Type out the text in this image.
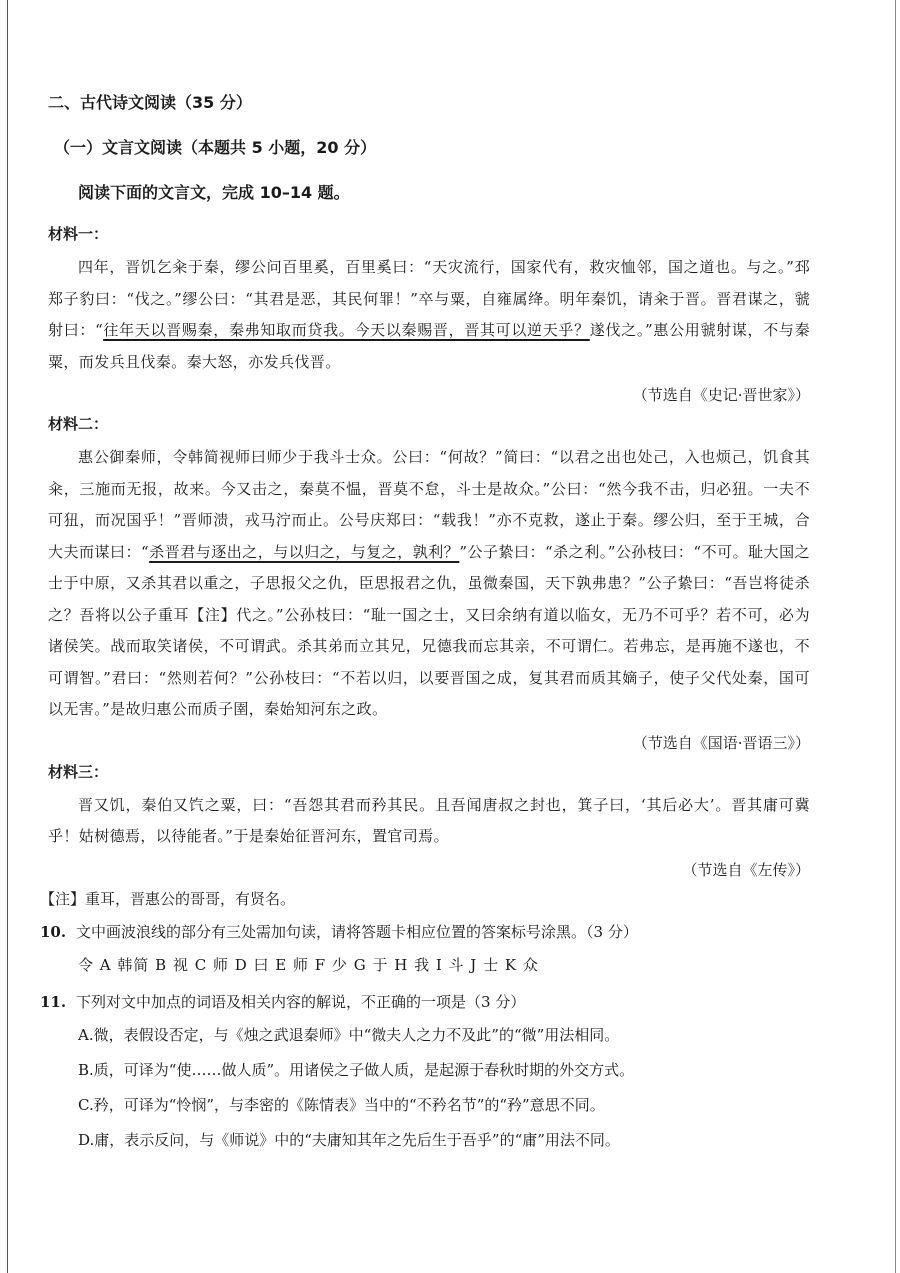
二、古代诗文阅读（35 分）
（一）文言文阅读（本题共 5 小题，20 分）
阅读下面的文言文，完成 10–14 题。
材料一：

四年，晋饥乞籴于秦，缪公问百里奚，百里奚曰：“天灾流行，国家代有，救灾恤邻，国之道也。与之。”邳郑子豹曰：“伐之。”缪公曰：“其君是恶，其民何罪！”卒与粟，自雍属绛。明年秦饥，请籴于晋。晋君谋之，虢射曰：“往年天以晋赐秦，秦弗知取而贷我。今天以秦赐晋，晋其可以逆天乎？遂伐之。”惠公用虢射谋，不与秦粟，而发兵且伐秦。秦大怒，亦发兵伐晋。

（节选自《史记·晋世家》）
材料二：

惠公御秦师，令韩简视师曰师少于我斗士众。公曰：“何故？”简曰：“以君之出也处己，入也烦己，饥食其籴，三施而无报，故来。今又击之，秦莫不愠，晋莫不怠，斗士是故众。”公曰：“然今我不击，归必狃。一夫不可狃，而况国乎！”晋师溃，戎马泞而止。公号庆郑曰：“载我！”亦不克救，遂止于秦。缪公归，至于王城，合大夫而谋曰：“杀晋君与逐出之，与以归之，与复之，孰利？”公子絷曰：“杀之利。”公孙枝曰：“不可。耻大国之士于中原，又杀其君以重之，子思报父之仇，臣思报君之仇，虽微秦国，天下孰弗患？”公子絷曰：“吾岂将徒杀之？吾将以公子重耳【注】代之。”公孙枝曰：“耻一国之士，又曰余纳有道以临女，无乃不可乎？若不可，必为诸侯笑。战而取笑诸侯，不可谓武。杀其弟而立其兄，兄德我而忘其亲，不可谓仁。若弗忘，是再施不遂也，不可谓智。”君曰：“然则若何？”公孙枝曰：“不若以归，以要晋国之成，复其君而质其嫡子，使子父代处秦，国可以无害。”是故归惠公而质子圉，秦始知河东之政。

（节选自《国语·晋语三》）
材料三：

晋又饥，秦伯又饩之粟，曰：“吾怨其君而矜其民。且吾闻唐叔之封也，箕子曰，‘其后必大’。晋其庸可冀乎！姑树德焉，以待能者。”于是秦始征晋河东，置官司焉。

（节选自《左传》）
【注】重耳，晋惠公的哥哥，有贤名。
10. 文中画波浪线的部分有三处需加句读，请将答题卡相应位置的答案标号涂黑。（3 分）
令 A 韩简 B 视 C 师 D 曰 E 师 F 少 G 于 H 我 I 斗 J 士 K 众
11. 下列对文中加点的词语及相关内容的解说，不正确的一项是（3 分）
A.微，表假设否定，与《烛之武退秦师》中“微夫人之力不及此”的“微”用法相同。
B.质，可译为“使……做人质”。用诸侯之子做人质，是起源于春秋时期的外交方式。
C.矜，可译为“怜悯”，与李密的《陈情表》当中的“不矜名节”的“矜”意思不同。
D.庸，表示反问，与《师说》中的“夫庸知其年之先后生于吾乎”的“庸”用法不同。
